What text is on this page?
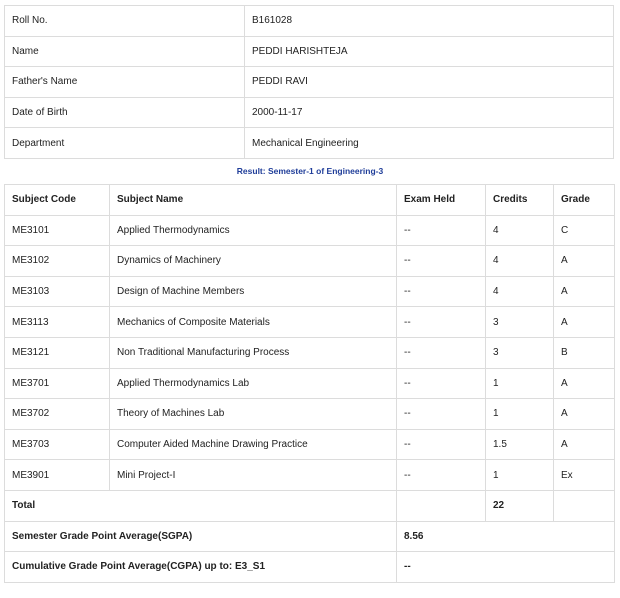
Roll No.	B161028
Name	PEDDI HARISHTEJA
Father's Name	PEDDI RAVI
Date of Birth	2000-11-17
Department	Mechanical Engineering
Result: Semester-1 of Engineering-3
Subject Code	Subject Name	Exam Held	Credits	Grade
ME3101	Applied Thermodynamics	--	4	C
ME3102	Dynamics of Machinery	--	4	A
ME3103	Design of Machine Members	--	4	A
ME3113	Mechanics of Composite Materials	--	3	A
ME3121	Non Traditional Manufacturing Process	--	3	B
ME3701	Applied Thermodynamics Lab	--	1	A
ME3702	Theory of Machines Lab	--	1	A
ME3703	Computer Aided Machine Drawing Practice	--	1.5	A
ME3901	Mini Project-I	--	1	Ex
Total			22	
Semester Grade Point Average(SGPA)		8.56		
Cumulative Grade Point Average(CGPA) up to: E3_S1		--		
